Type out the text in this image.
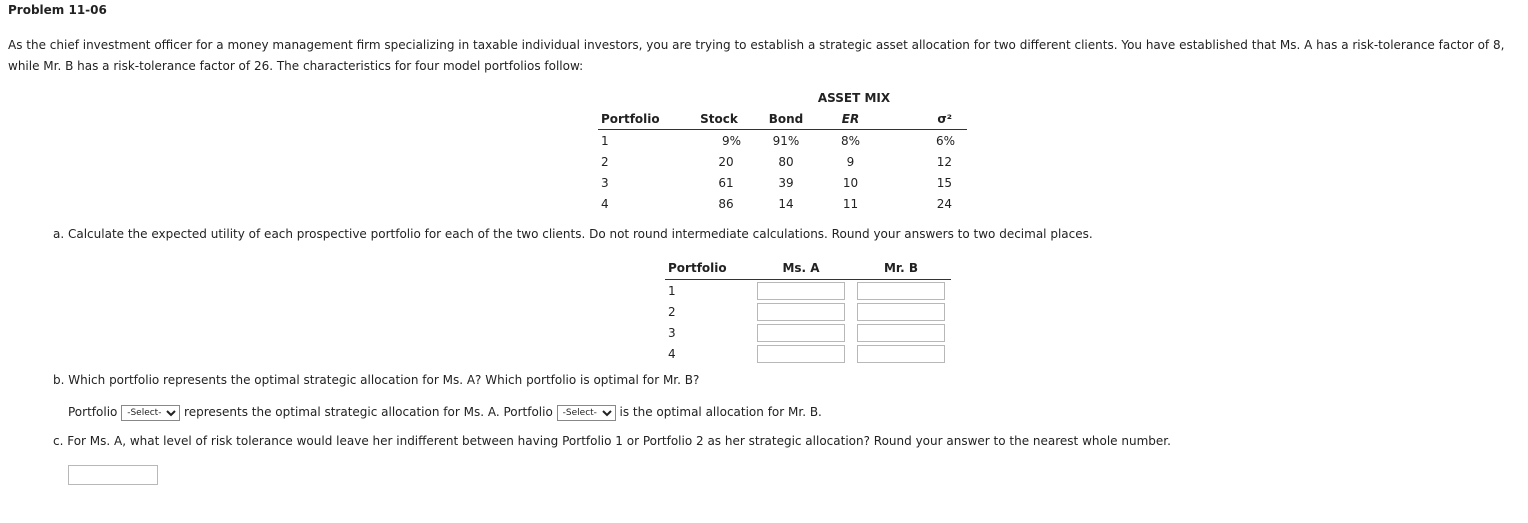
Problem 11-06
As the chief investment officer for a money management firm specializing in taxable individual investors, you are trying to establish a strategic asset allocation for two different clients. You have established that Ms. A has a risk-tolerance factor of 8, while Mr. B has a risk-tolerance factor of 26. The characteristics for four model portfolios follow:
		ASSET MIX			
Portfolio	Stock	Bond	ER	σ²	
1	9%	91%	8%	6%	
2	20	80	9	12	
3	61	39	10	15	
4	86	14	11	24	
a. Calculate the expected utility of each prospective portfolio for each of the two clients. Do not round intermediate calculations. Round your answers to two decimal places.
Portfolio	Ms. A	Mr. B
1		
2		
3		
4		
b. Which portfolio represents the optimal strategic allocation for Ms. A? Which portfolio is optimal for Mr. B?
Portfolio
-Select-	represents the optimal strategic allocation for Ms. A. Portfolio
-Select-	is the optimal allocation for Mr. B.
c. For Ms. A, what level of risk tolerance would leave her indifferent between having Portfolio 1 or Portfolio 2 as her strategic allocation? Round your answer to the nearest whole number.
